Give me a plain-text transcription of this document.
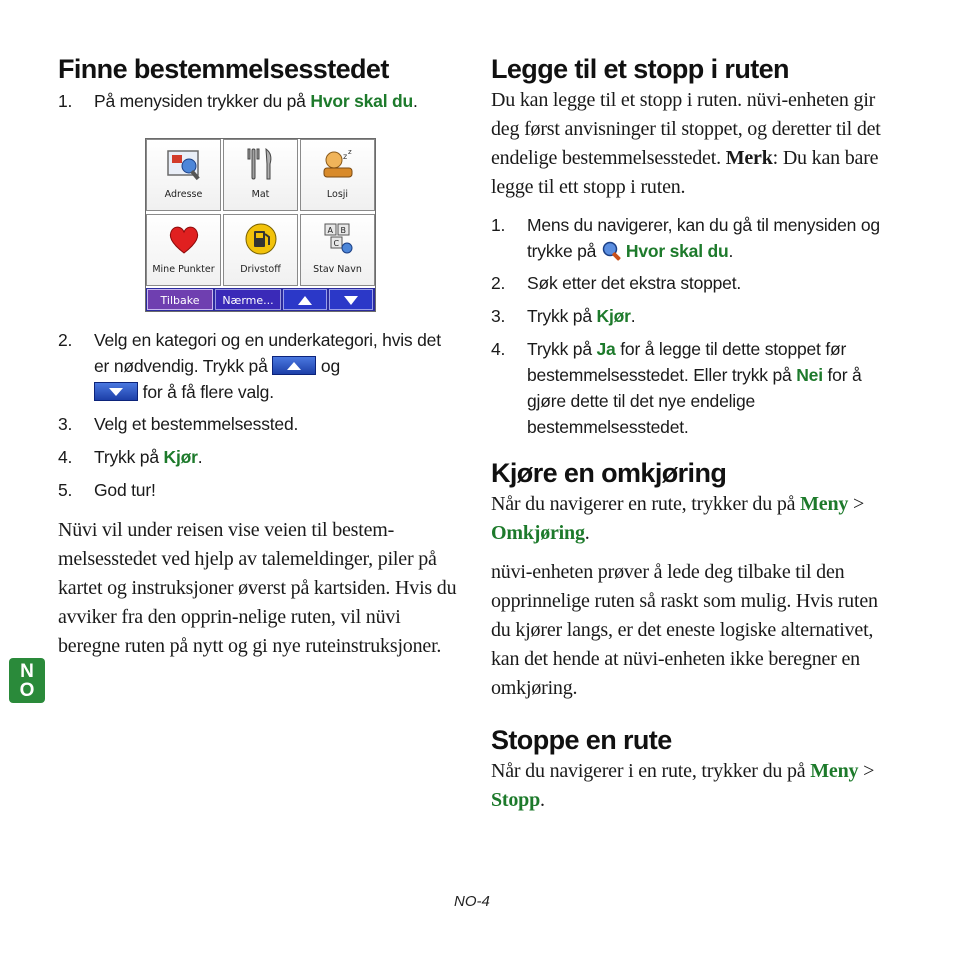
Finne bestemmelsesstedet
1. På menysiden trykker du på Hvor skal du.
Adresse	Mat
z z
Losji
Mine Punkter	Drivstoff
A B
C
Stav Navn
Tilbake	Nærme...
2. Velg en kategori og en underkategori, hvis det er nødvendig. Trykk på	og

for å få flere valg.
3. Velg et bestemmelsessted.
4. Trykk på Kjør.
5. God tur!

Nüvi vil under reisen vise veien til bestem-melsesstedet ved hjelp av talemeldinger, piler på kartet og instruksjoner øverst på kartsiden. Hvis du avviker fra den opprin-nelige ruten, vil nüvi beregne ruten på nytt og gi nye ruteinstruksjoner.

N
O
Legge til et stopp i ruten

Du kan legge til et stopp i ruten. nüvi-enheten gir deg først anvisninger til stoppet, og deretter til det endelige bestemmelsesstedet. Merk: Du kan bare legge til ett stopp i ruten.

1. Mens du navigerer, kan du gå til menysiden og trykke på Hvor skal du.
2. Søk etter det ekstra stoppet.
3. Trykk på Kjør.
4. Trykk på Ja for å legge til dette stoppet før bestemmelsesstedet. Eller trykk på Nei for å gjøre dette til det nye endelige bestemmelsesstedet.
Kjøre en omkjøring

Når du navigerer en rute, trykker du på Meny > Omkjøring.

nüvi-enheten prøver å lede deg tilbake til den opprinnelige ruten så raskt som mulig. Hvis ruten du kjører langs, er det eneste logiske alternativet, kan det hende at nüvi-enheten ikke beregner en omkjøring.

Stoppe en rute

Når du navigerer i en rute, trykker du på Meny > Stopp.

NO-4
